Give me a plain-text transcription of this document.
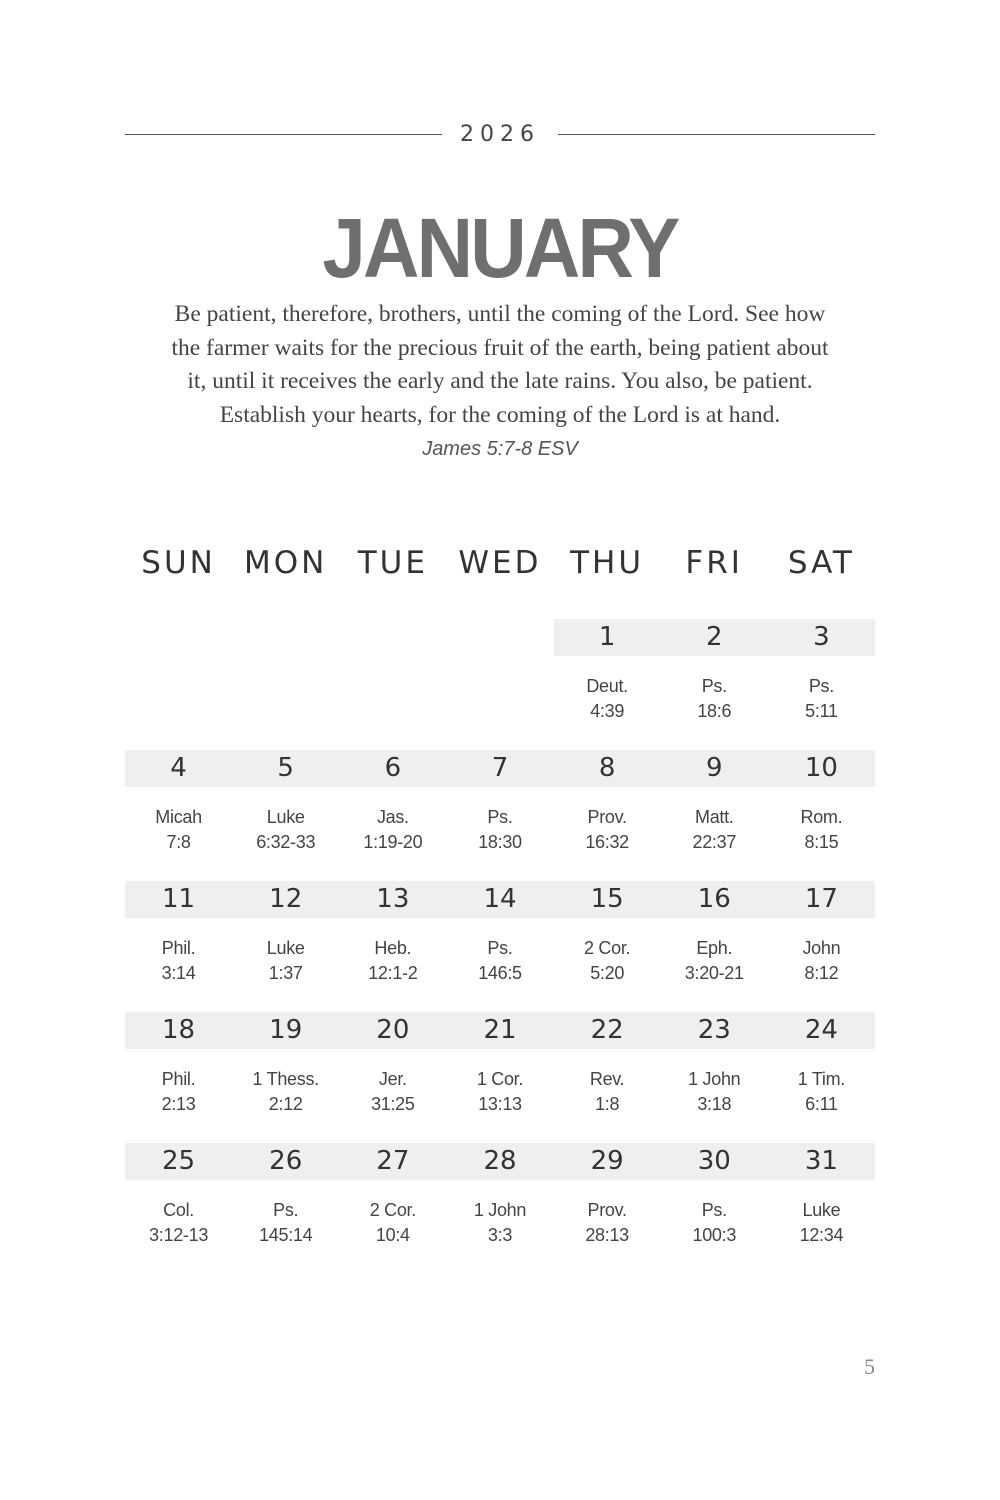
2026
JANUARY
Be patient, therefore, brothers, until the coming of the Lord. See how
the farmer waits for the precious fruit of the earth, being patient about
it, until it receives the early and the late rains. You also, be patient.
Establish your hearts, for the coming of the Lord is at hand.
James 5:7-8 ESV
SUN MON TUE WED THU	FRI	SAT
1
Deut.
4:39
2
Ps.
18:6
3
Ps.
5:11
4
Micah
7:8
5
Luke
6:32-33
6
Jas.
1:19-20
7
Ps.
18:30
8
Prov.
16:32
9
Matt.
22:37
10
Rom.
8:15
11
Phil.
3:14
12
Luke
1:37
13
Heb.
12:1-2
14
Ps.
146:5
15
2 Cor.
5:20
16
Eph.
3:20-21
17
John
8:12
18
Phil.
2:13
19
1 Thess.
2:12
20
Jer.
31:25
21
1 Cor.
13:13
22
Rev.
1:8
23
1 John
3:18
24
1 Tim.
6:11
25
Col.
3:12-13
26
Ps.
145:14
27
2 Cor.
10:4
28
1 John
3:3
29
Prov.
28:13
30
Ps.
100:3
31
Luke
12:34
5
